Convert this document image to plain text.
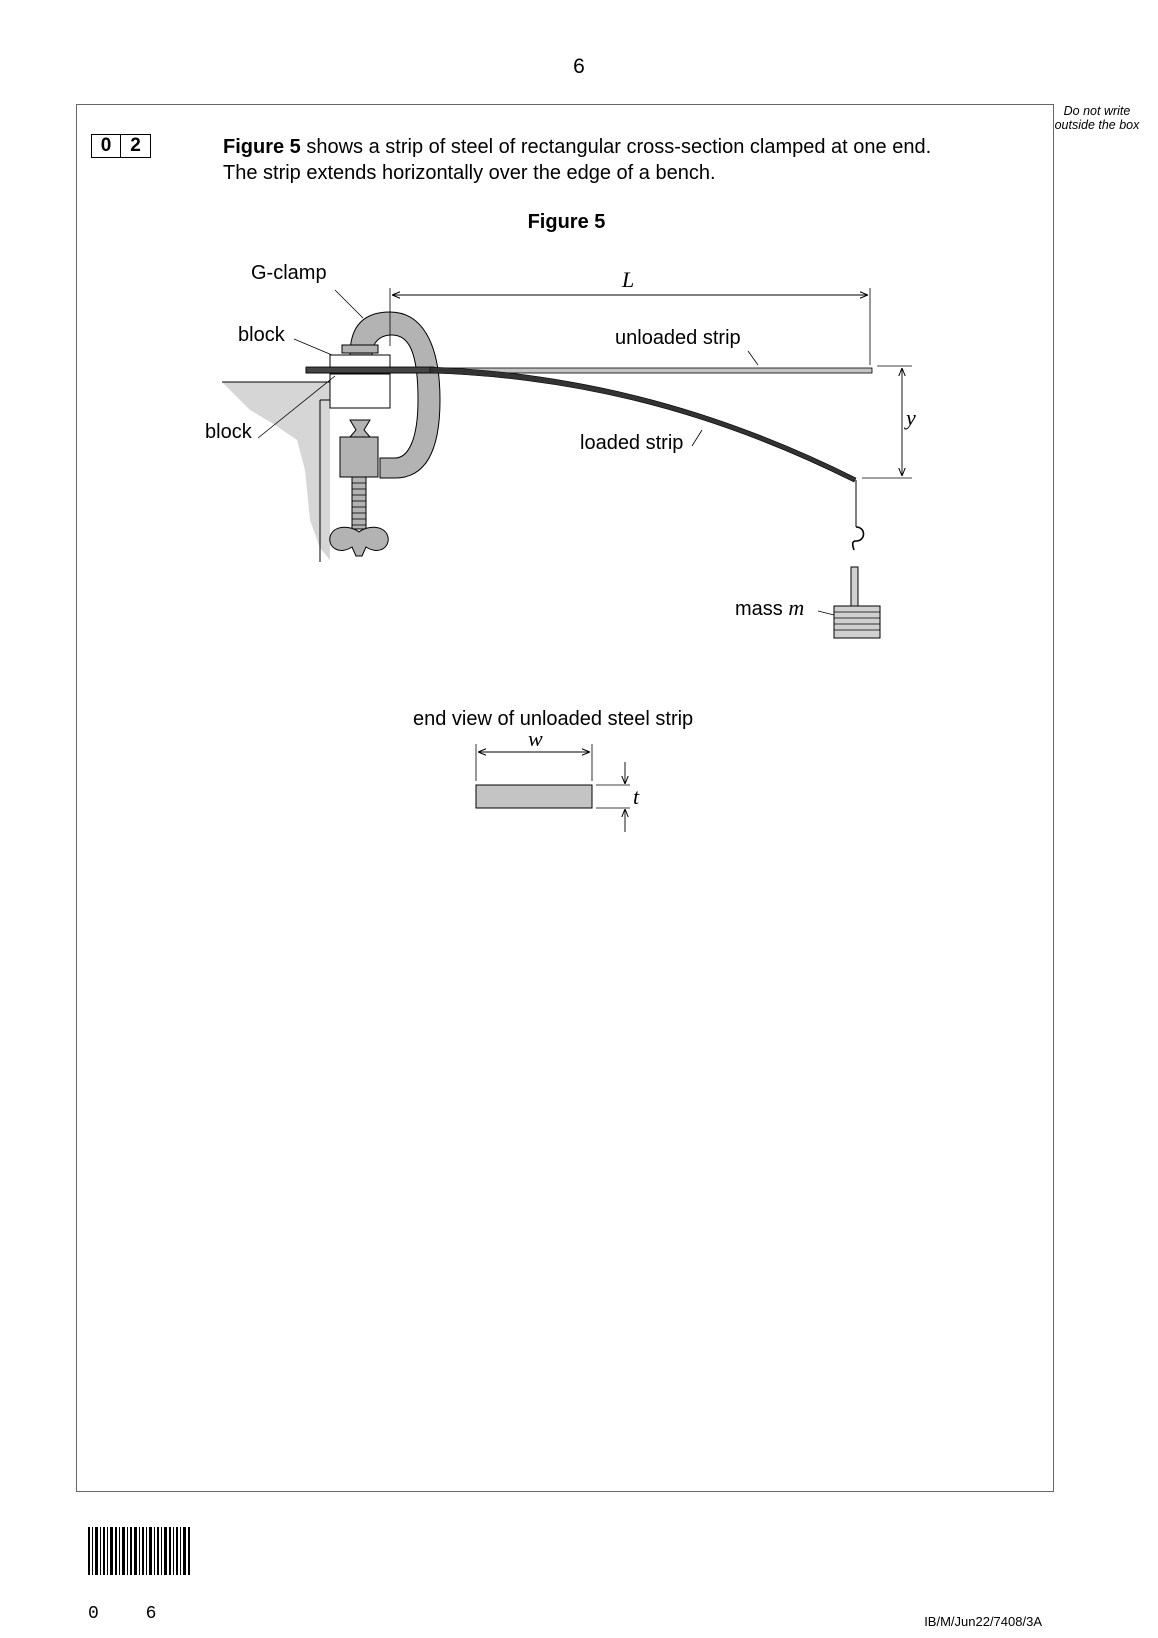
6
Do not write outside the box
0 2	Figure 5 shows a strip of steel of rectangular cross-section clamped at one end.

The strip extends horizontally over the edge of a bench.

Figure 5
G-clamp
block
block
unloaded strip
loaded strip
mass m
L
y
end view of unloaded steel strip
w
t
0 6	IB/M/Jun22/7408/3A
